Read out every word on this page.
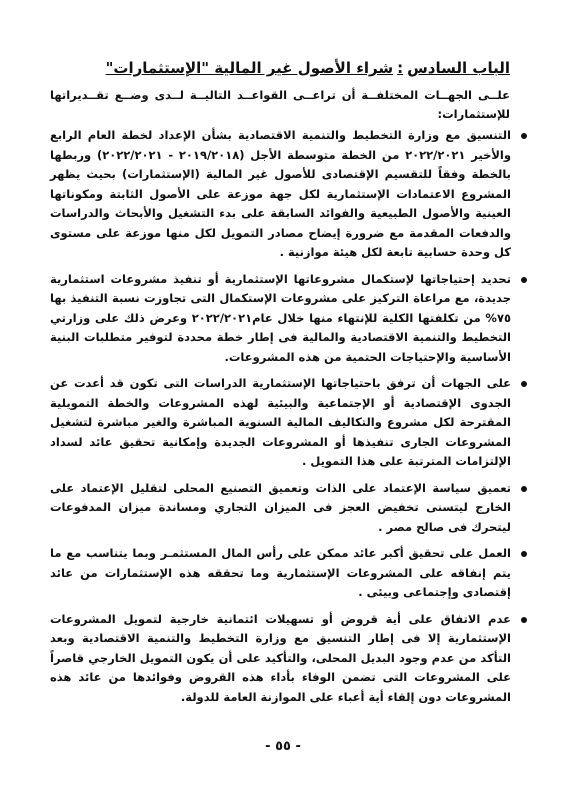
الباب السادس:شراء الأصول غير المالية "الإستثمارات"
علــى الجهــات المختلفــة أن تراعــى القواعــد التاليــة لــدى وضــع تقــديراتها للإستثمارات:
التنسيق مع وزارة التخطيط والتنمية الاقتصادية بشأن الإعداد لخطة العام الرابع والأخير ٢٠٢٢/٢٠٢١ من الخطة متوسطة الأجل (٢٠١٩/٢٠١٨ - ٢٠٢٢/٢٠٢١) وربطها بالخطة وفقاً للتقسيم الإقتصادى للأصول غير المالية (الإستثمارات) بحيث يظهر المشروع الاعتمادات الإستثمارية لكل جهة موزعة على الأصول الثابتة ومكوناتها العينية والأصول الطبيعية والفوائد السابقة على بدء التشغيل والأبحاث والدراسات والدفعات المقدمة مع ضرورة إيضاح مصادر التمويل لكل منها موزعة على مستوى كل وحدة حسابية تابعة لكل هيئة موازنية .
تحديد إحتياجاتها لإستكمال مشروعاتها الإستثمارية أو تنفيذ مشروعات استثمارية جديدة، مع مراعاة التركيز على مشروعات الإستكمال التى تجاوزت نسبة التنفيذ بها ٧٥% من تكلفتها الكلية للإنتهاء منها خلال عام٢٠٢٢/٢٠٢١ وعرض ذلك على وزارتي التخطيط والتنمية الاقتصادية والمالية فى إطار خطة محددة لتوفير متطلبات البنية الأساسية والإحتياجات الحتمية من هذه المشروعات.
على الجهات أن ترفق باحتياجاتها الإستثمارية الدراسات التى تكون قد أعدت عن الجدوى الإقتصادية أو الإجتماعية والبيئية لهذه المشروعات والخطة التمويلية المقترحة لكل مشروع والتكاليف المالية السنوية المباشرة والغير مباشرة لتشغيل المشروعات الجارى تنفيذها أو المشروعات الجديدة وإمكانية تحقيق عائد لسداد الإلتزامات المترتبة على هذا التمويل .
تعميق سياسة الإعتماد على الذات وتعميق التصنيع المحلى لتقليل الإعتماد على الخارج ليتسنى تخفيض العجز فى الميزان التجاري ومساندة ميزان المدفوعات ليتحرك فى صالح مصر .
العمل على تحقيق أكبر عائد ممكن على رأس المال المستثمـر وبما يتناسب مع ما يتم إنفاقه على المشروعات الإستثمارية وما تحققه هذه الإستثمارات من عائد إقتصادى وإجتماعى وبيئى .
عدم الاتفاق على أية قروض أو تسهيلات ائتمانية خارجية لتمويل المشروعات الإستثمارية إلا فى إطار التنسيق مع وزارة التخطيط والتنمية الاقتصادية وبعد التأكد من عدم وجود البديل المحلى، والتأكيد على أن يكون التمويل الخارجي قاصراً على المشروعات التى تضمن الوفاء بأداء هذه القروض وفوائدها من عائد هذه المشروعات دون إلقاء أية أعباء على الموازنة العامة للدولة.
- ٥٥ -
